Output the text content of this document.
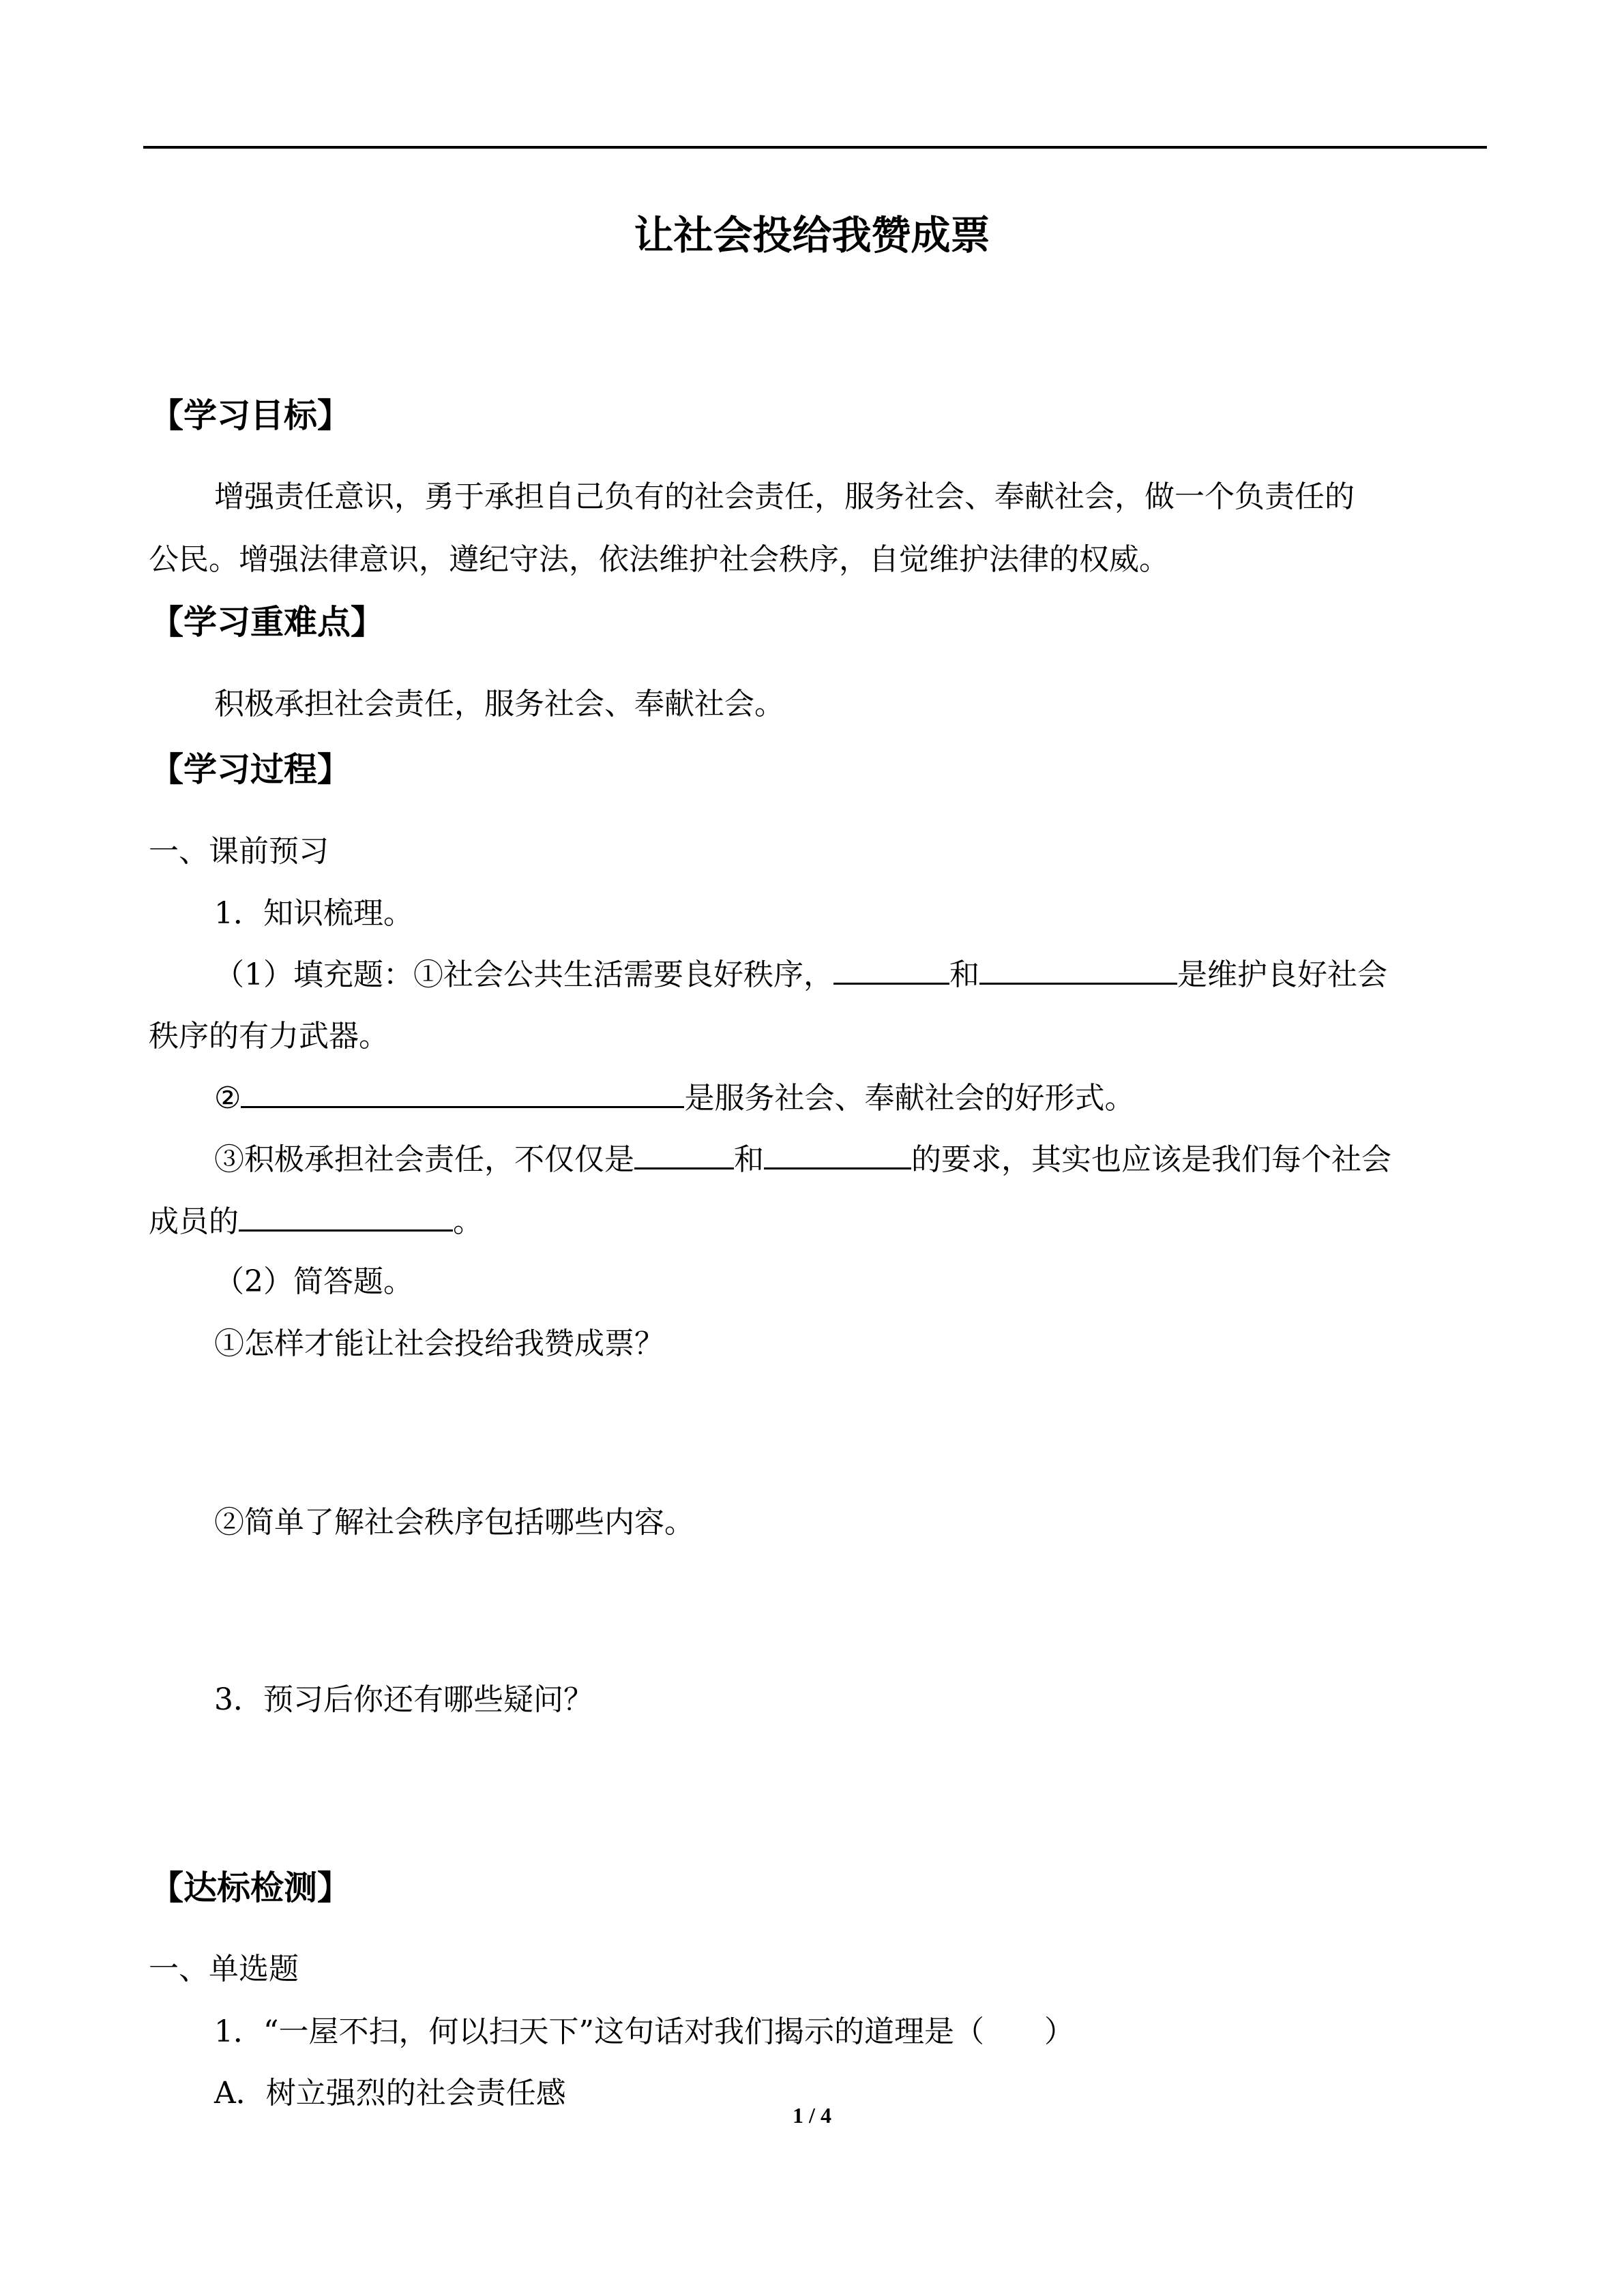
让社会投给我赞成票
【学习目标】
增强责任意识，勇于承担自己负有的社会责任，服务社会、奉献社会，做一个负责任的
公民。增强法律意识，遵纪守法，依法维护社会秩序，自觉维护法律的权威。
【学习重难点】
积极承担社会责任，服务社会、奉献社会。
【学习过程】
一、课前预习
1．知识梳理。
（1）填充题：①社会公共生活需要良好秩序，	和	是维护良好社会
秩序的有力武器。
②	是服务社会、奉献社会的好形式。
③积极承担社会责任，不仅仅是	和	的要求，其实也应该是我们每个社会
成员的	。
（2）简答题。
①怎样才能让社会投给我赞成票？
②简单了解社会秩序包括哪些内容。
3．预习后你还有哪些疑问？
【达标检测】
一、单选题
1．“一屋不扫，何以扫天下”这句话对我们揭示的道理是（　　）
A．树立强烈的社会责任感
1 / 4
